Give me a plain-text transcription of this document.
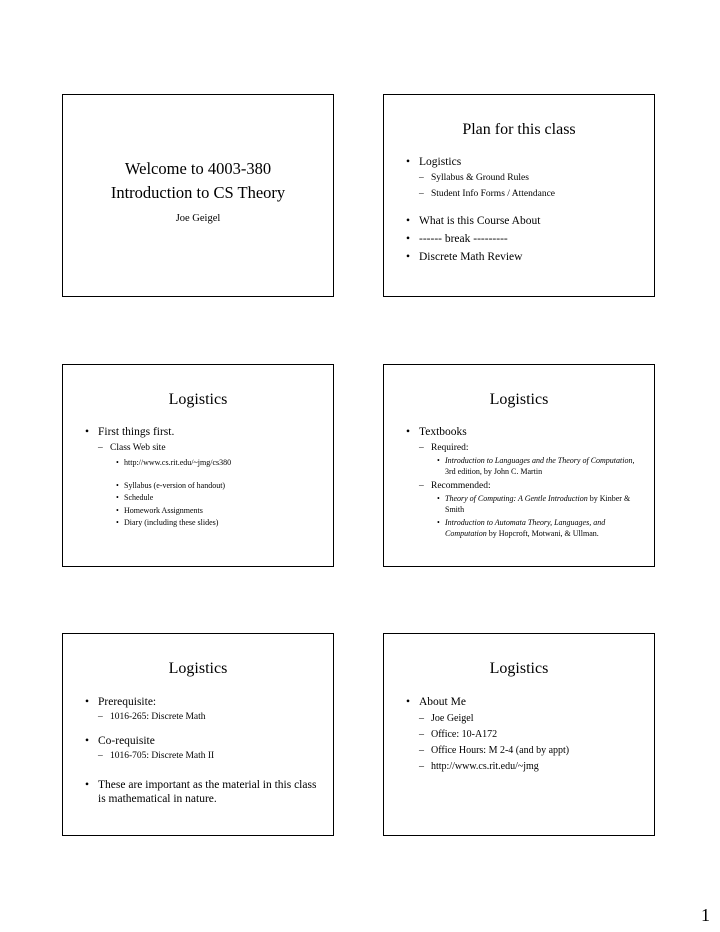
Welcome to 4003-380
Introduction to CS Theory
Joe Geigel
Plan for this class
• Logistics
– Syllabus & Ground Rules
– Student Info Forms / Attendance
• What is this Course About
• ------ break ---------
• Discrete Math Review
Logistics
• First things first.
– Class Web site
• http://www.cs.rit.edu/~jmg/cs380
• Syllabus (e-version of handout)
• Schedule
• Homework Assignments
• Diary (including these slides)
Logistics
• Textbooks
– Required:
• Introduction to Languages and the Theory of Computation, 3rd edition, by John C. Martin
– Recommended:
• Theory of Computing: A Gentle Introduction by Kinber & Smith
• Introduction to Automata Theory, Languages, and Computation by Hopcroft, Motwani, & Ullman.
Logistics
• Prerequisite:
– 1016-265: Discrete Math
• Co-requisite
– 1016-705: Discrete Math II
• These are important as the material in this class is mathematical in nature.
Logistics
• About Me
– Joe Geigel
– Office: 10-A172
– Office Hours: M 2-4 (and by appt)
– http://www.cs.rit.edu/~jmg
1
